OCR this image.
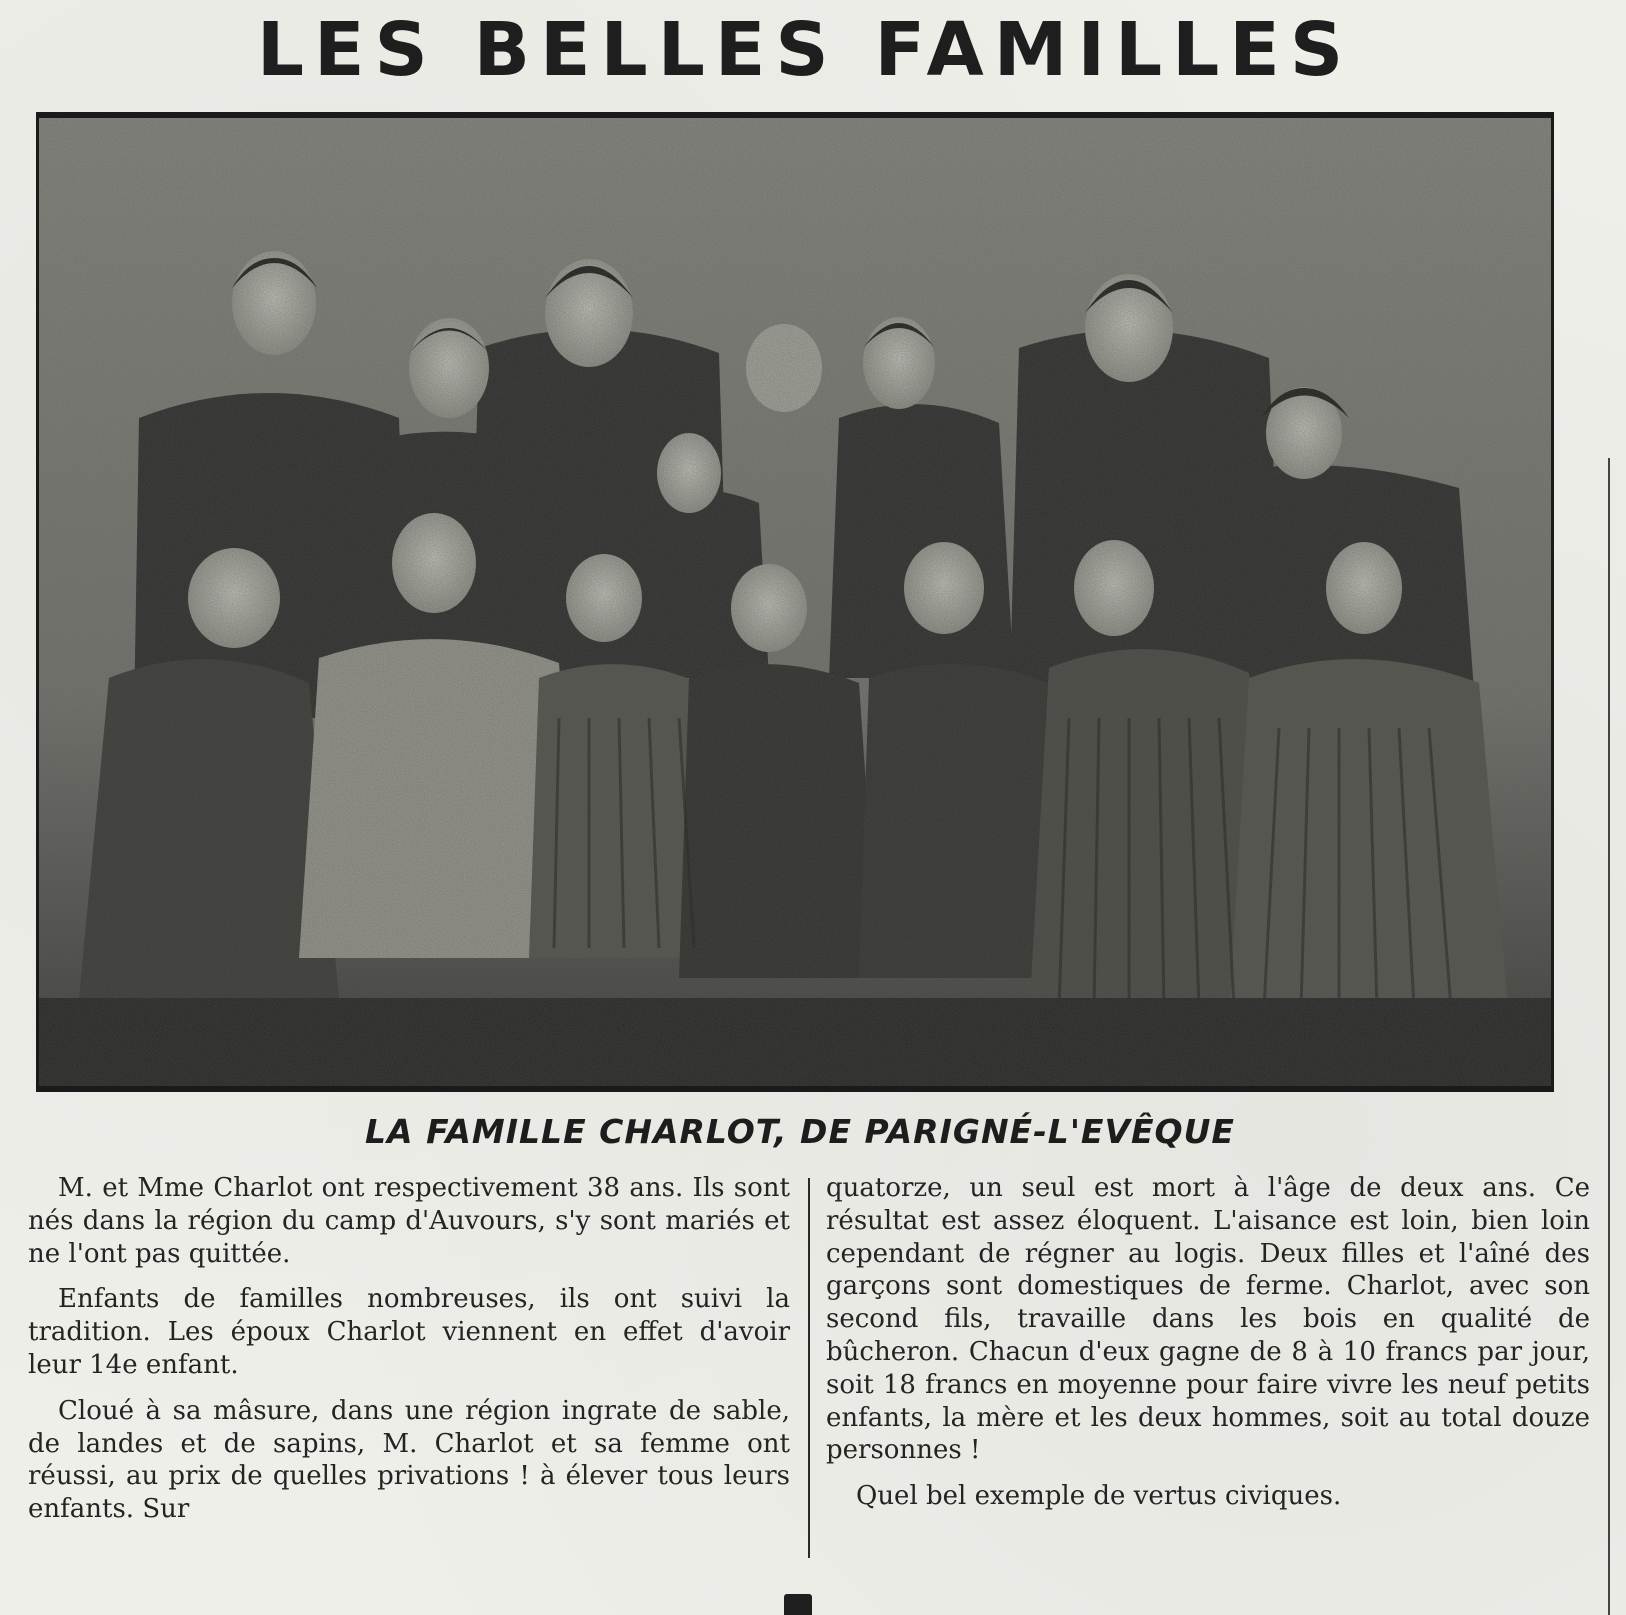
LES BELLES FAMILLES
LA FAMILLE CHARLOT, DE PARIGNÉ-L'EVÊQUE

M. et Mme Charlot ont respectivement 38 ans. Ils sont nés dans la région du camp d'Auvours, s'y sont mariés et ne l'ont pas quittée.

Enfants de familles nombreuses, ils ont suivi la tradition. Les époux Charlot viennent en effet d'avoir leur 14e enfant.

Cloué à sa mâsure, dans une région ingrate de sable, de landes et de sapins, M. Charlot et sa femme ont réussi, au prix de quelles privations ! à élever tous leurs enfants. Sur

quatorze, un seul est mort à l'âge de deux ans. Ce résultat est assez éloquent. L'aisance est loin, bien loin cependant de régner au logis. Deux filles et l'aîné des garçons sont domestiques de ferme. Charlot, avec son second fils, travaille dans les bois en qualité de bûcheron. Chacun d'eux gagne de 8 à 10 francs par jour, soit 18 francs en moyenne pour faire vivre les neuf petits enfants, la mère et les deux hommes, soit au total douze personnes !

Quel bel exemple de vertus civiques.
